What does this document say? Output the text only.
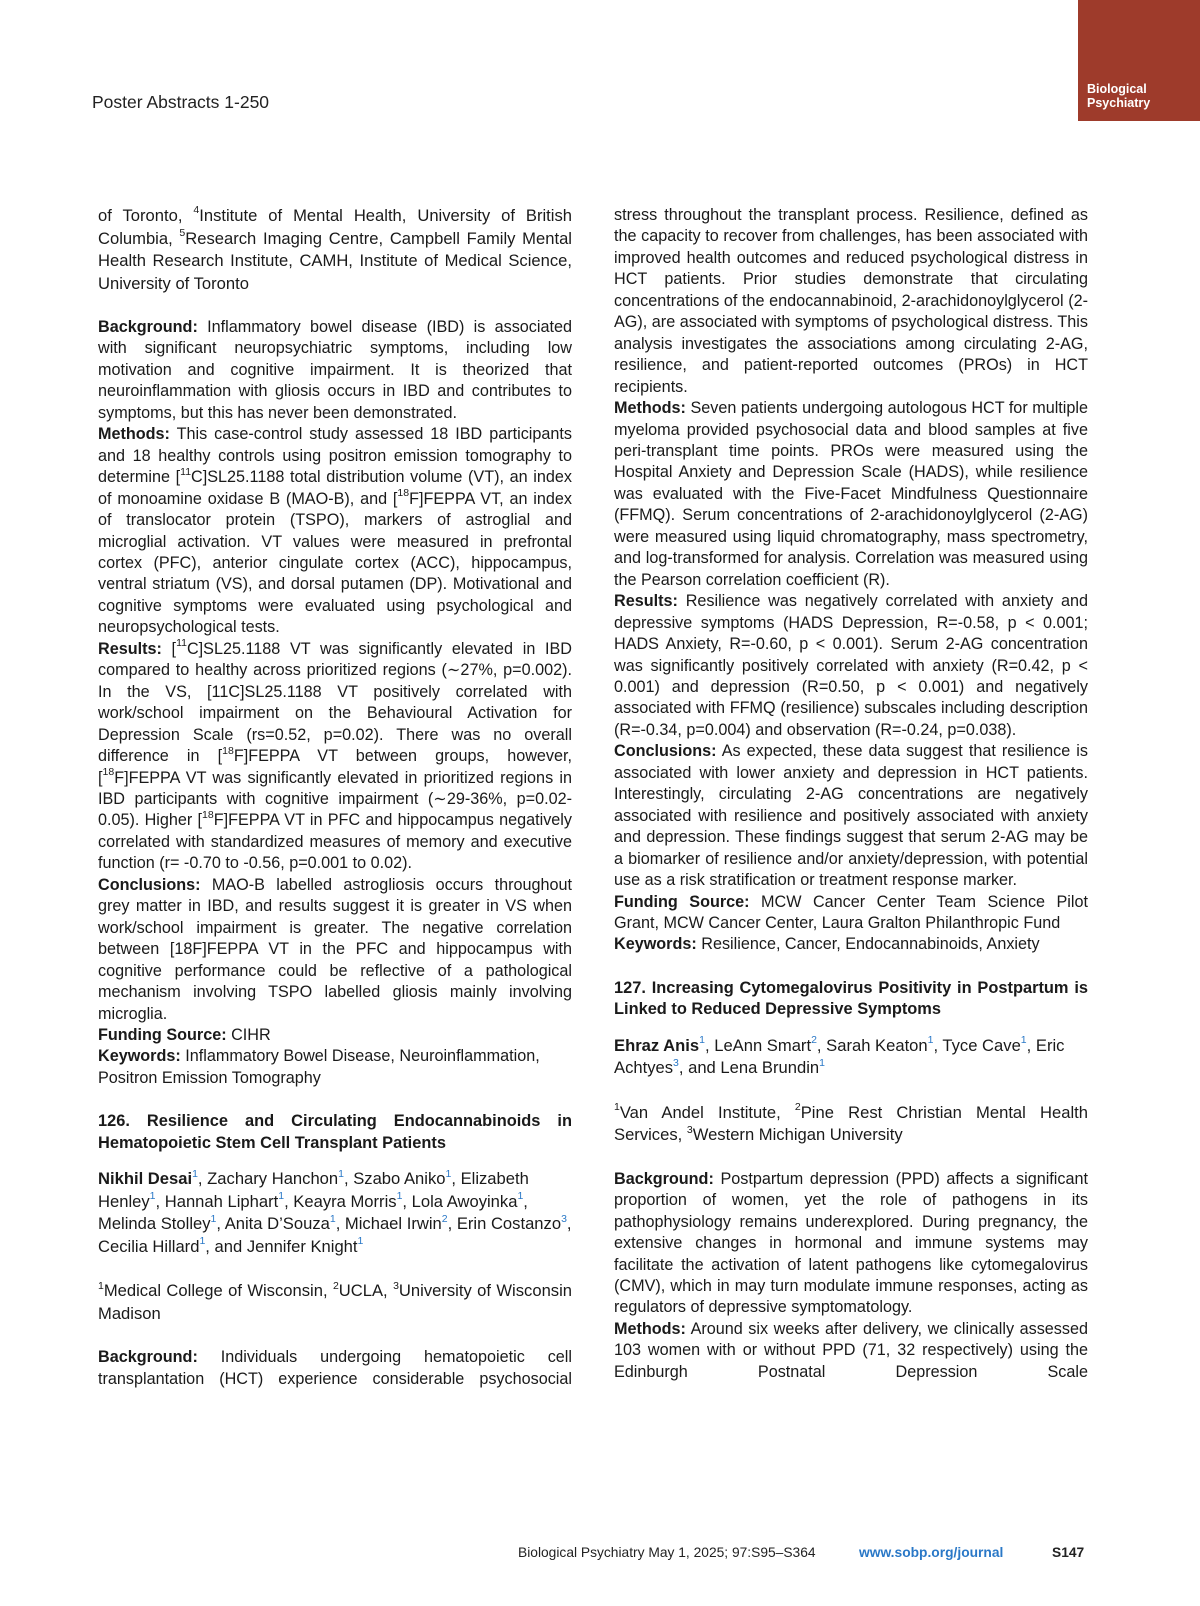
Poster Abstracts 1-250
Biological
Psychiatry

of Toronto, $^4$Institute of Mental Health, University of British Columbia, $^5$Research Imaging Centre, Campbell Family Mental Health Research Institute, CAMH, Institute of Medical Science, University of Toronto

Background: Inflammatory bowel disease (IBD) is associated with significant neuropsychiatric symptoms, including low motivation and cognitive impairment. It is theorized that neuroinflammation with gliosis occurs in IBD and contributes to symptoms, but this has never been demonstrated.

Methods: This case-control study assessed 18 IBD participants and 18 healthy controls using positron emission tomography to determine [$^{11}$C]SL25.1188 total distribution volume (VT), an index of monoamine oxidase B (MAO-B), and [$^{18}$F]FEPPA VT, an index of translocator protein (TSPO), markers of astroglial and microglial activation. VT values were measured in prefrontal cortex (PFC), anterior cingulate cortex (ACC), hippocampus, ventral striatum (VS), and dorsal putamen (DP). Motivational and cognitive symptoms were evaluated using psychological and neuropsychological tests.

Results: [$^{11}$C]SL25.1188 VT was significantly elevated in IBD compared to healthy across prioritized regions (∼27%, p=0.002). In the VS, [11C]SL25.1188 VT positively correlated with work/school impairment on the Behavioural Activation for Depression Scale (rs=0.52, p=0.02). There was no overall difference in [$^{18}$F]FEPPA VT between groups, however, [$^{18}$F]FEPPA VT was significantly elevated in prioritized regions in IBD participants with cognitive impairment (∼29-36%, p=0.02-0.05). Higher [$^{18}$F]FEPPA VT in PFC and hippocampus negatively correlated with standardized measures of memory and executive function (r= -0.70 to -0.56, p=0.001 to 0.02).

Conclusions: MAO-B labelled astrogliosis occurs throughout grey matter in IBD, and results suggest it is greater in VS when work/school impairment is greater. The negative correlation between [18F]FEPPA VT in the PFC and hippocampus with cognitive performance could be reflective of a pathological mechanism involving TSPO labelled gliosis mainly involving microglia.

Funding Source: CIHR

Keywords: Inflammatory Bowel Disease, Neuroinflammation, Positron Emission Tomography

126. Resilience and Circulating Endocannabinoids in Hematopoietic Stem Cell Transplant Patients

Nikhil Desai$^1$, Zachary Hanchon$^1$, Szabo Aniko$^1$, Elizabeth Henley$^1$, Hannah Liphart$^1$, Keayra Morris$^1$, Lola Awoyinka$^1$, Melinda Stolley$^1$, Anita D’Souza$^1$, Michael Irwin$^2$, Erin Costanzo$^3$, Cecilia Hillard$^1$, and Jennifer Knight$^1$

$^1$Medical College of Wisconsin, $^2$UCLA, $^3$University of Wisconsin Madison

Background: Individuals undergoing hematopoietic cell transplantation (HCT) experience considerable psychosocial

stress throughout the transplant process. Resilience, defined as the capacity to recover from challenges, has been associated with improved health outcomes and reduced psychological distress in HCT patients. Prior studies demonstrate that circulating concentrations of the endocannabinoid, 2-arachidonoylglycerol (2-AG), are associated with symptoms of psychological distress. This analysis investigates the associations among circulating 2-AG, resilience, and patient-reported outcomes (PROs) in HCT recipients.

Methods: Seven patients undergoing autologous HCT for multiple myeloma provided psychosocial data and blood samples at five peri-transplant time points. PROs were measured using the Hospital Anxiety and Depression Scale (HADS), while resilience was evaluated with the Five-Facet Mindfulness Questionnaire (FFMQ). Serum concentrations of 2-arachidonoylglycerol (2-AG) were measured using liquid chromatography, mass spectrometry, and log-transformed for analysis. Correlation was measured using the Pearson correlation coefficient (R).

Results: Resilience was negatively correlated with anxiety and depressive symptoms (HADS Depression, R=-0.58, p < 0.001; HADS Anxiety, R=-0.60, p < 0.001). Serum 2-AG concentration was significantly positively correlated with anxiety (R=0.42, p < 0.001) and depression (R=0.50, p < 0.001) and negatively associated with FFMQ (resilience) subscales including description (R=-0.34, p=0.004) and observation (R=-0.24, p=0.038).

Conclusions: As expected, these data suggest that resilience is associated with lower anxiety and depression in HCT patients. Interestingly, circulating 2-AG concentrations are negatively associated with resilience and positively associated with anxiety and depression. These findings suggest that serum 2-AG may be a biomarker of resilience and/or anxiety/depression, with potential use as a risk stratification or treatment response marker.

Funding Source: MCW Cancer Center Team Science Pilot Grant, MCW Cancer Center, Laura Gralton Philanthropic Fund

Keywords: Resilience, Cancer, Endocannabinoids, Anxiety

127. Increasing Cytomegalovirus Positivity in Postpartum is Linked to Reduced Depressive Symptoms

Ehraz Anis$^1$, LeAnn Smart$^2$, Sarah Keaton$^1$, Tyce Cave$^1$, Eric Achtyes$^3$, and Lena Brundin$^1$

$^1$Van Andel Institute, $^2$Pine Rest Christian Mental Health Services, $^3$Western Michigan University

Background: Postpartum depression (PPD) affects a significant proportion of women, yet the role of pathogens in its pathophysiology remains underexplored. During pregnancy, the extensive changes in hormonal and immune systems may facilitate the activation of latent pathogens like cytomegalovirus (CMV), which in may turn modulate immune responses, acting as regulators of depressive symptomatology.

Methods: Around six weeks after delivery, we clinically assessed 103 women with or without PPD (71, 32 respectively) using the Edinburgh Postnatal Depression Scale

Biological Psychiatry May 1, 2025; 97:S95–S364	www.sobp.org/journal	S147
